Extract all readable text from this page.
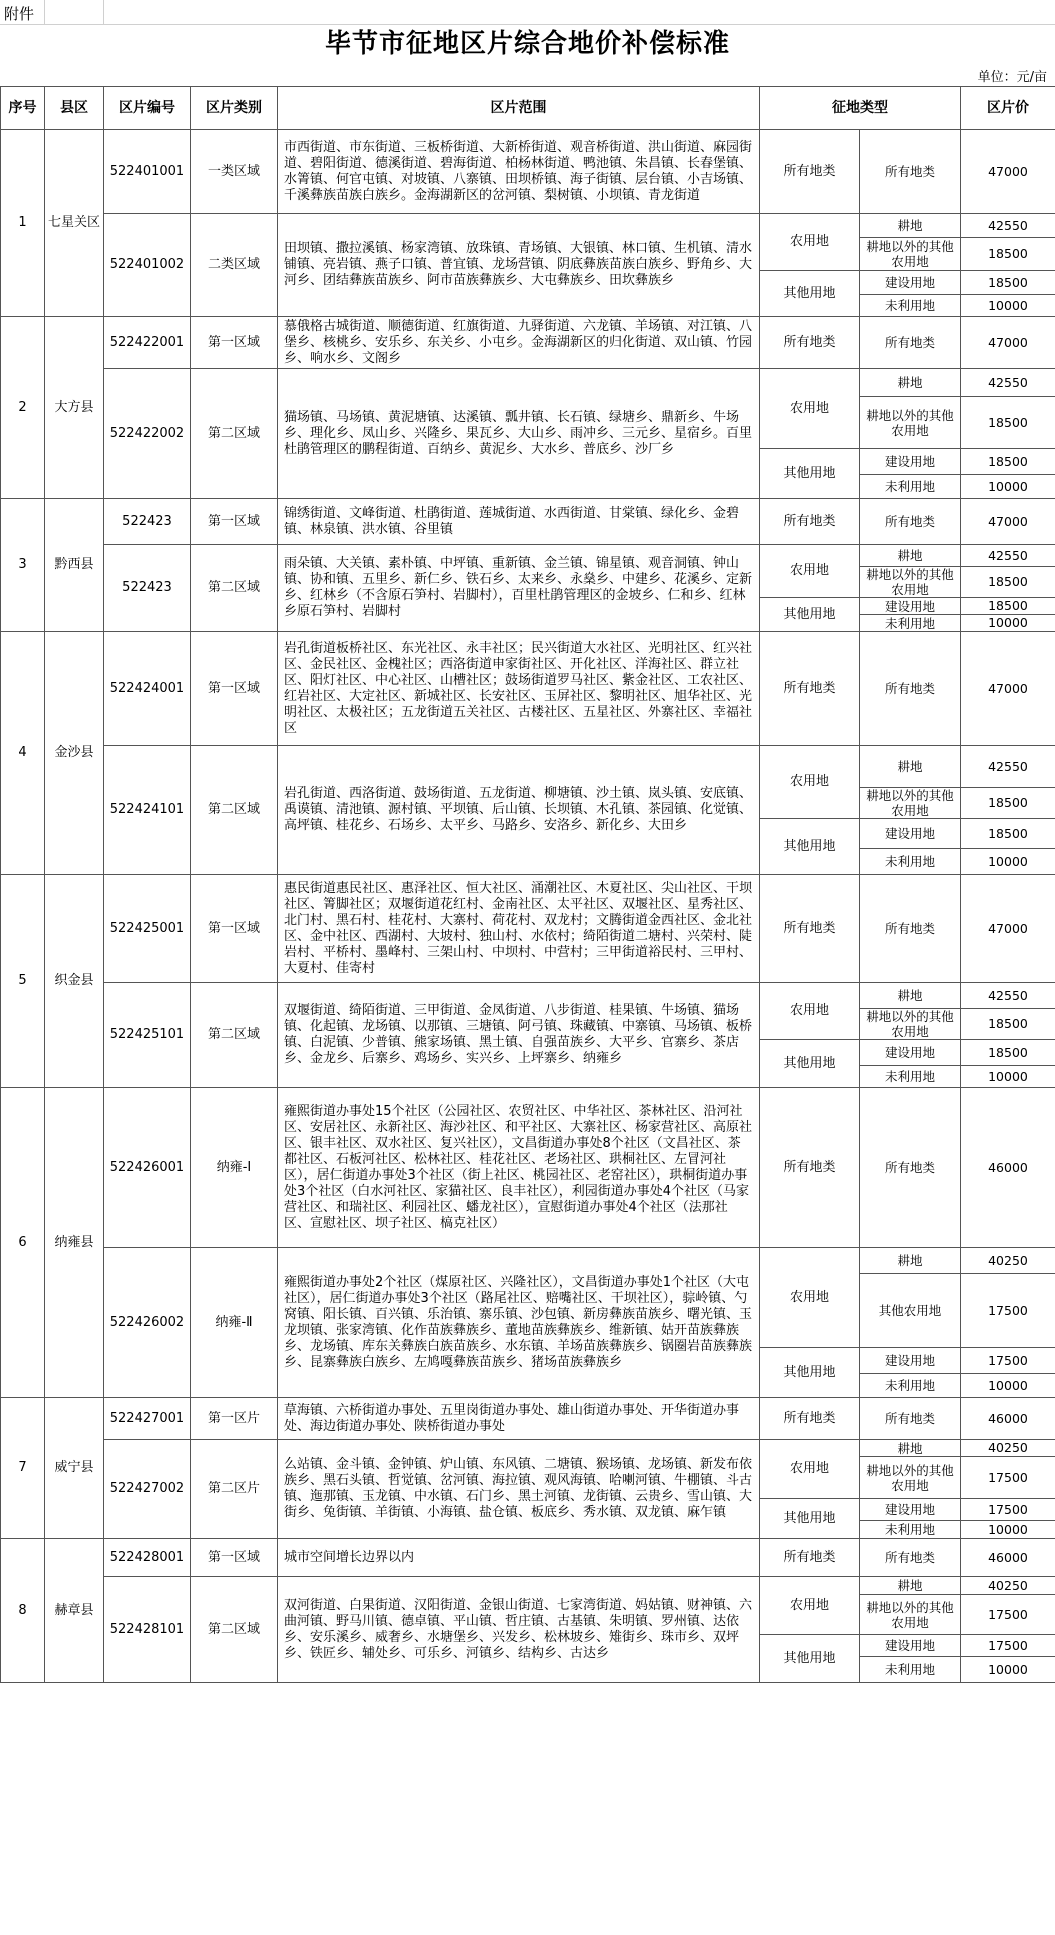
附件
毕节市征地区片综合地价补偿标准
单位：元/亩
序号	县区	区片编号	区片类别	区片范围	征地类型		区片价
1	七星关区	522401001	一类区域	市西街道、市东街道、三板桥街道、大新桥街道、观音桥街道、洪山街道、麻园街道、碧阳街道、德溪街道、碧海街道、柏杨林街道、鸭池镇、朱昌镇、长春堡镇、水箐镇、何官屯镇、对坡镇、八寨镇、田坝桥镇、海子街镇、层台镇、小吉场镇、千溪彝族苗族白族乡。金海湖新区的岔河镇、梨树镇、小坝镇、青龙街道	所有地类	所有地类	47000
		522401002	二类区域	田坝镇、撒拉溪镇、杨家湾镇、放珠镇、青场镇、大银镇、林口镇、生机镇、清水铺镇、亮岩镇、燕子口镇、普宜镇、龙场营镇、阴底彝族苗族白族乡、野角乡、大河乡、团结彝族苗族乡、阿市苗族彝族乡、大屯彝族乡、田坎彝族乡	农用地	耕地	42550
						耕地以外的其他农用地	18500
					其他用地	建设用地	18500
						未利用地	10000
2	大方县	522422001	第一区域	慕俄格古城街道、顺德街道、红旗街道、九驿街道、六龙镇、羊场镇、对江镇、八堡乡、核桃乡、安乐乡、东关乡、小屯乡。金海湖新区的归化街道、双山镇、竹园乡、响水乡、文阁乡	所有地类	所有地类	47000
		522422002	第二区域	猫场镇、马场镇、黄泥塘镇、达溪镇、瓢井镇、长石镇、绿塘乡、鼎新乡、牛场乡、理化乡、凤山乡、兴隆乡、果瓦乡、大山乡、雨冲乡、三元乡、星宿乡。百里杜鹃管理区的鹏程街道、百纳乡、黄泥乡、大水乡、普底乡、沙厂乡	农用地	耕地	42550
						耕地以外的其他农用地	18500
					其他用地	建设用地	18500
						未利用地	10000
3	黔西县	522423	第一区域	锦绣街道、文峰街道、杜鹃街道、莲城街道、水西街道、甘棠镇、绿化乡、金碧镇、林泉镇、洪水镇、谷里镇	所有地类	所有地类	47000
		522423	第二区域	雨朵镇、大关镇、素朴镇、中坪镇、重新镇、金兰镇、锦星镇、观音洞镇、钟山镇、协和镇、五里乡、新仁乡、铁石乡、太来乡、永燊乡、中建乡、花溪乡、定新乡、红林乡（不含原石笋村、岩脚村），百里杜鹃管理区的金坡乡、仁和乡、红林乡原石笋村、岩脚村	农用地	耕地	42550
						耕地以外的其他农用地	18500
					其他用地	建设用地	18500
						未利用地	10000
4	金沙县	522424001	第一区域	岩孔街道板桥社区、东光社区、永丰社区；民兴街道大水社区、光明社区、红兴社区、金民社区、金槐社区；西洛街道申家街社区、开化社区、洋海社区、群立社区、阳灯社区、中心社区、山槽社区；鼓场街道罗马社区、紫金社区、工农社区、红岩社区、大定社区、新城社区、长安社区、玉屏社区、黎明社区、旭华社区、光明社区、太极社区；五龙街道五关社区、古楼社区、五星社区、外寨社区、幸福社区	所有地类	所有地类	47000
		522424101	第二区域	岩孔街道、西洛街道、鼓场街道、五龙街道、柳塘镇、沙土镇、岚头镇、安底镇、禹谟镇、清池镇、源村镇、平坝镇、后山镇、长坝镇、木孔镇、茶园镇、化觉镇、高坪镇、桂花乡、石场乡、太平乡、马路乡、安洛乡、新化乡、大田乡	农用地	耕地	42550
						耕地以外的其他农用地	18500
					其他用地	建设用地	18500
						未利用地	10000
5	织金县	522425001	第一区域	惠民街道惠民社区、惠泽社区、恒大社区、涌潮社区、木夏社区、尖山社区、干坝社区、箐脚社区；双堰街道花红村、金南社区、太平社区、双堰社区、星秀社区、北门村、黑石村、桂花村、大寨村、荷花村、双龙村；文腾街道金西社区、金北社区、金中社区、西湖村、大坡村、独山村、水依村；绮陌街道二塘村、兴荣村、陡岩村、平桥村、墨峰村、三架山村、中坝村、中营村；三甲街道裕民村、三甲村、大夏村、佳寄村	所有地类	所有地类	47000
		522425101	第二区域	双堰街道、绮陌街道、三甲街道、金凤街道、八步街道、桂果镇、牛场镇、猫场镇、化起镇、龙场镇、以那镇、三塘镇、阿弓镇、珠藏镇、中寨镇、马场镇、板桥镇、白泥镇、少普镇、熊家场镇、黑土镇、自强苗族乡、大平乡、官寨乡、茶店乡、金龙乡、后寨乡、鸡场乡、实兴乡、上坪寨乡、纳雍乡	农用地	耕地	42550
						耕地以外的其他农用地	18500
					其他用地	建设用地	18500
						未利用地	10000
6	纳雍县	522426001	纳雍-Ⅰ	雍熙街道办事处15个社区（公园社区、农贸社区、中华社区、茶林社区、沿河社区、安居社区、永新社区、海沙社区、和平社区、大寨社区、杨家营社区、高原社区、银丰社区、双水社区、复兴社区），文昌街道办事处8个社区（文昌社区、茶都社区、石板河社区、松林社区、桂花社区、老场社区、珙桐社区、左冒河社区），居仁街道办事处3个社区（街上社区、桃园社区、老窑社区），珙桐街道办事处3个社区（白水河社区、家猫社区、良丰社区），利园街道办事处4个社区（马家营社区、和瑞社区、利园社区、蟠龙社区），宣慰街道办事处4个社区（法那社区、宣慰社区、坝子社区、槁克社区）	所有地类	所有地类	46000
		522426002	纳雍-Ⅱ	雍熙街道办事处2个社区（煤原社区、兴隆社区），文昌街道办事处1个社区（大屯社区），居仁街道办事处3个社区（路尾社区、赔嘴社区、干坝社区），骔岭镇、勺窝镇、阳长镇、百兴镇、乐治镇、寨乐镇、沙包镇、新房彝族苗族乡、曙光镇、玉龙坝镇、张家湾镇、化作苗族彝族乡、董地苗族彝族乡、维新镇、姑开苗族彝族乡、龙场镇、库东关彝族白族苗族乡、水东镇、羊场苗族彝族乡、锅圈岩苗族彝族乡、昆寨彝族白族乡、左鸠嘎彝族苗族乡、猪场苗族彝族乡	农用地	耕地	40250
						其他农用地	17500
					其他用地	建设用地	17500
						未利用地	10000
7	威宁县	522427001	第一区片	草海镇、六桥街道办事处、五里岗街道办事处、雄山街道办事处、开华街道办事处、海边街道办事处、陕桥街道办事处	所有地类	所有地类	46000
		522427002	第二区片	么站镇、金斗镇、金钟镇、炉山镇、东风镇、二塘镇、猴场镇、龙场镇、新发布依族乡、黑石头镇、哲觉镇、岔河镇、海拉镇、观风海镇、哈喇河镇、牛棚镇、斗古镇、迤那镇、玉龙镇、中水镇、石门乡、黑土河镇、龙街镇、云贵乡、雪山镇、大街乡、兔街镇、羊街镇、小海镇、盐仓镇、板底乡、秀水镇、双龙镇、麻乍镇	农用地	耕地	40250
						耕地以外的其他农用地	17500
					其他用地	建设用地	17500
						未利用地	10000
8	赫章县	522428001	第一区域	城市空间增长边界以内	所有地类	所有地类	46000
		522428101	第二区域	双河街道、白果街道、汉阳街道、金银山街道、七家湾街道、妈姑镇、财神镇、六曲河镇、野马川镇、德卓镇、平山镇、哲庄镇、古基镇、朱明镇、罗州镇、达依乡、安乐溪乡、威奢乡、水塘堡乡、兴发乡、松林坡乡、雉街乡、珠市乡、双坪乡、铁匠乡、辅处乡、可乐乡、河镇乡、结构乡、古达乡	农用地	耕地	40250
						耕地以外的其他农用地	17500
					其他用地	建设用地	17500
						未利用地	10000
